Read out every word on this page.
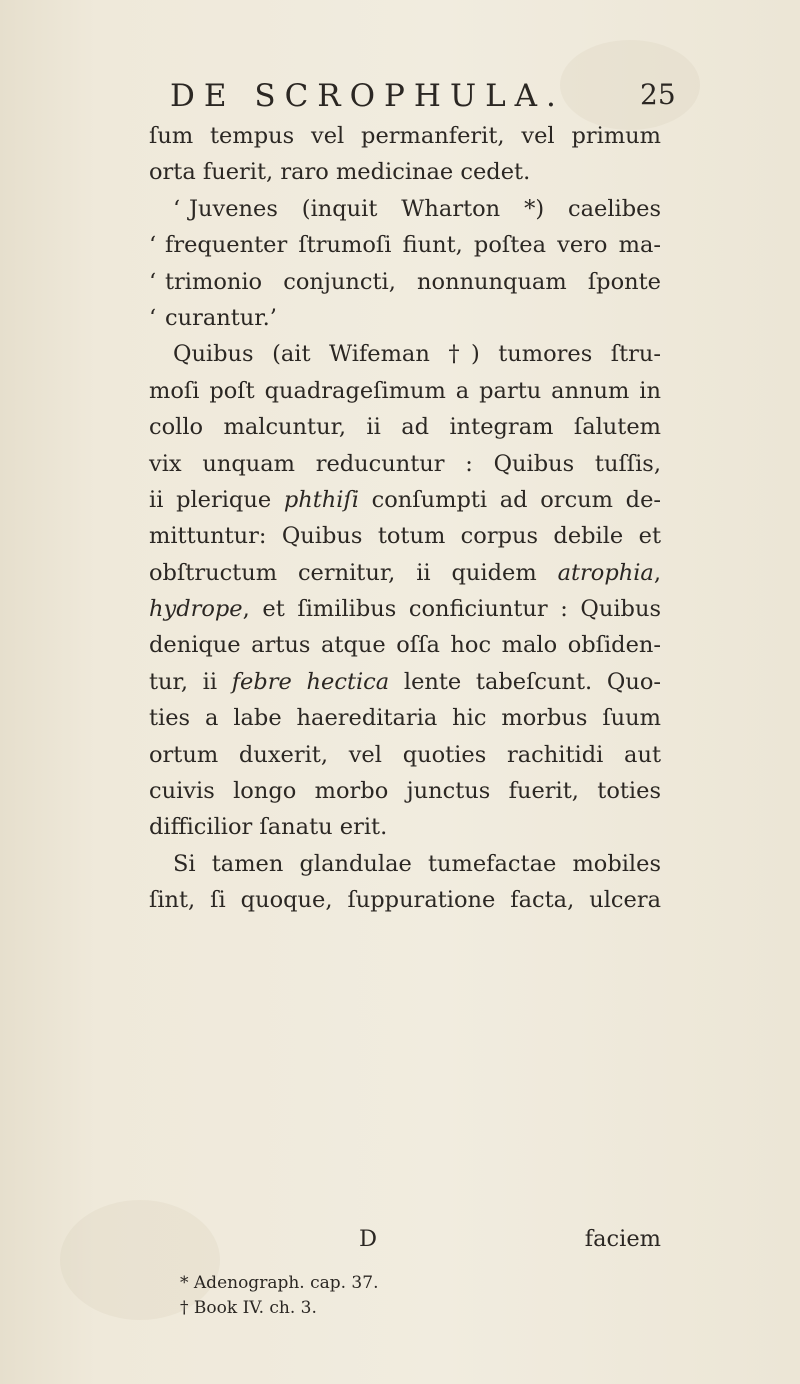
DE SCROPHULA.	25
ſum tempus vel permanferit, vel primum
orta fuerit, raro medicinae cedet.
‘ Juvenes (inquit Wharton *) caelibes
‘ frequenter ſtrumoſi fiunt, poſtea vero ma-
‘ trimonio conjuncti, nonnunquam ſponte
‘ curantur.’
Quibus (ait Wifeman †) tumores ſtru-
moſi poſt quadrageſimum a partu annum in
collo malcuntur, ii ad integram ſalutem
vix unquam reducuntur : Quibus tuſſis,
ii plerique phthiſi conſumpti ad orcum de-
mittuntur: Quibus totum corpus debile et
obſtructum cernitur, ii quidem atrophia,
hydrope, et ſimilibus conficiuntur : Quibus
denique artus atque oſſa hoc malo obſiden-
tur, ii febre hectica lente tabeſcunt. Quo-
ties a labe haereditaria hic morbus ſuum
ortum duxerit, vel quoties rachitidi aut
cuivis longo morbo junctus fuerit, toties
difficilior ſanatu erit.
Si tamen glandulae tumefactae mobiles
ſint, ſi quoque, ſuppuratione facta, ulcera
D	faciem
* Adenograph. cap. 37.
† Book IV. ch. 3.
